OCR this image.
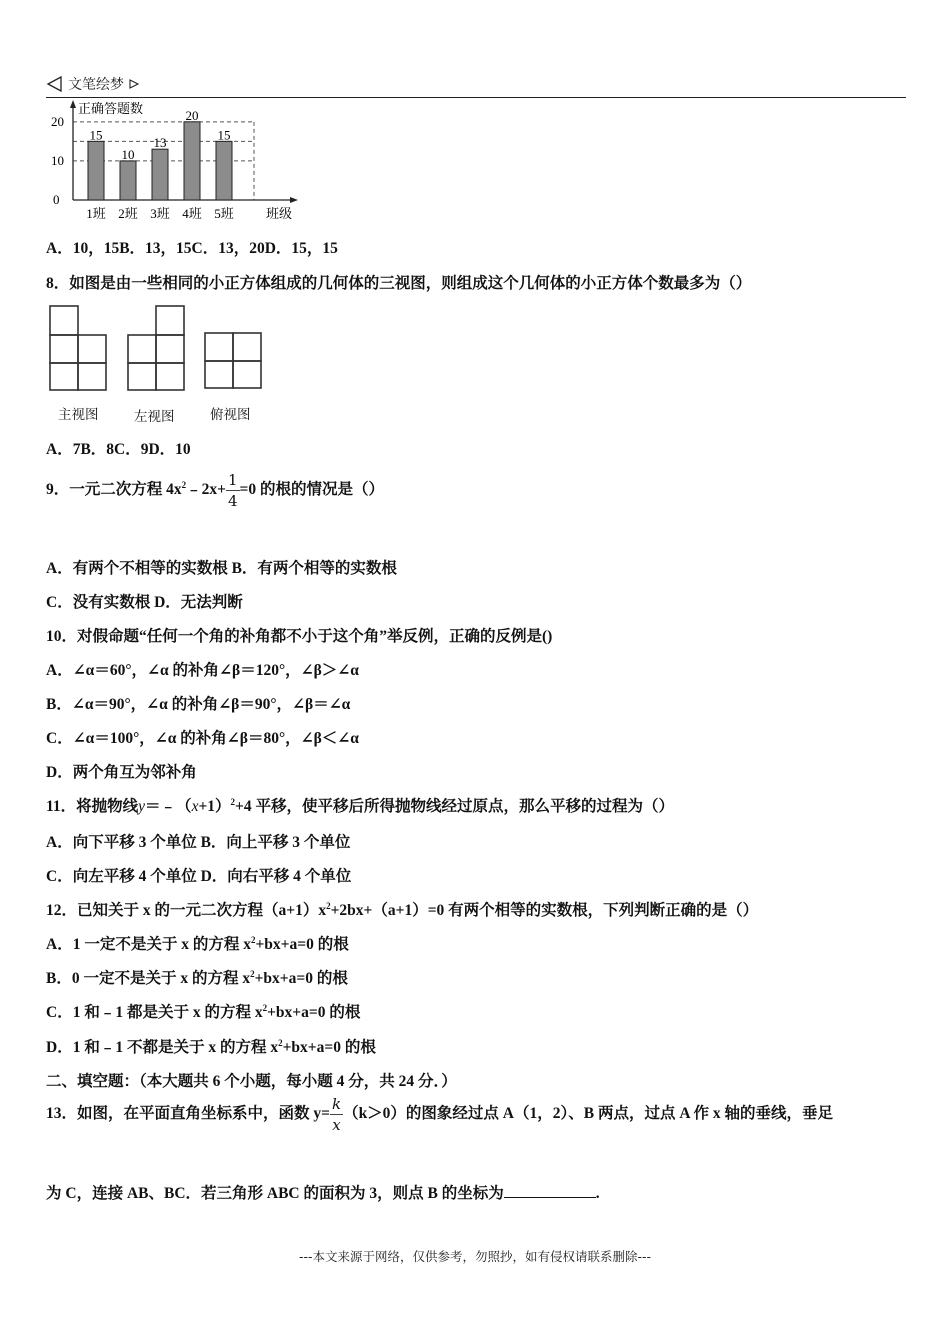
文笔绘梦
正确答题数
班级
0
10
20
15
1班
10
2班
13
3班
20
4班
15
5班
A．10，15B．13，15C．13，20D．15，15
8．如图是由一些相同的小正方体组成的几何体的三视图，则组成这个几何体的小正方体个数最多为（）
主视图	左视图	俯视图
A．7B．8C．9D．10
9．一元二次方程 $4x^2﹣2x+ \frac{1}{4} =0$ 的根的情况是（）
A．有两个不相等的实数根 B．有两个相等的实数根
C．没有实数根 D．无法判断
10．对假命题“任何一个角的补角都不小于这个角”举反例，正确的反例是()
A．∠α＝60°，∠α 的补角∠β＝120°，∠β＞∠α
B．∠α＝90°，∠α 的补角∠β＝90°，∠β＝∠α
C．∠α＝100°，∠α 的补角∠β＝80°，∠β＜∠α
D．两个角互为邻补角
11．将抛物线$y=﹣(x+1)^2+4$ 平移，使平移后所得抛物线经过原点，那么平移的过程为（）
A．向下平移 3 个单位 B．向上平移 3 个单位
C．向左平移 4 个单位 D．向右平移 4 个单位
12．已知关于 x 的一元二次方程$(a+1)x^2+2bx+(a+1)=0$ 有两个相等的实数根，下列判断正确的是（）
A．1 一定不是关于 x 的方程 $x^2+bx+a=0$ 的根
B．0 一定不是关于 x 的方程 $x^2+bx+a=0$ 的根
C．1 和﹣1 都是关于 x 的方程 $x^2+bx+a=0$ 的根
D．1 和﹣1 不都是关于 x 的方程 $x^2+bx+a=0$ 的根
二、填空题：（本大题共 6 个小题，每小题 4 分，共 24 分．）
13．如图，在平面直角坐标系中，函数 $y= \frac{k}{x} (k>0)$的图象经过点 A（1，2）、B 两点，过点 A 作 x 轴的垂线，垂足
为 C，连接 AB、BC．若三角形 ABC 的面积为 3，则点 B 的坐标为	.
---本文来源于网络，仅供参考，勿照抄，如有侵权请联系删除---
